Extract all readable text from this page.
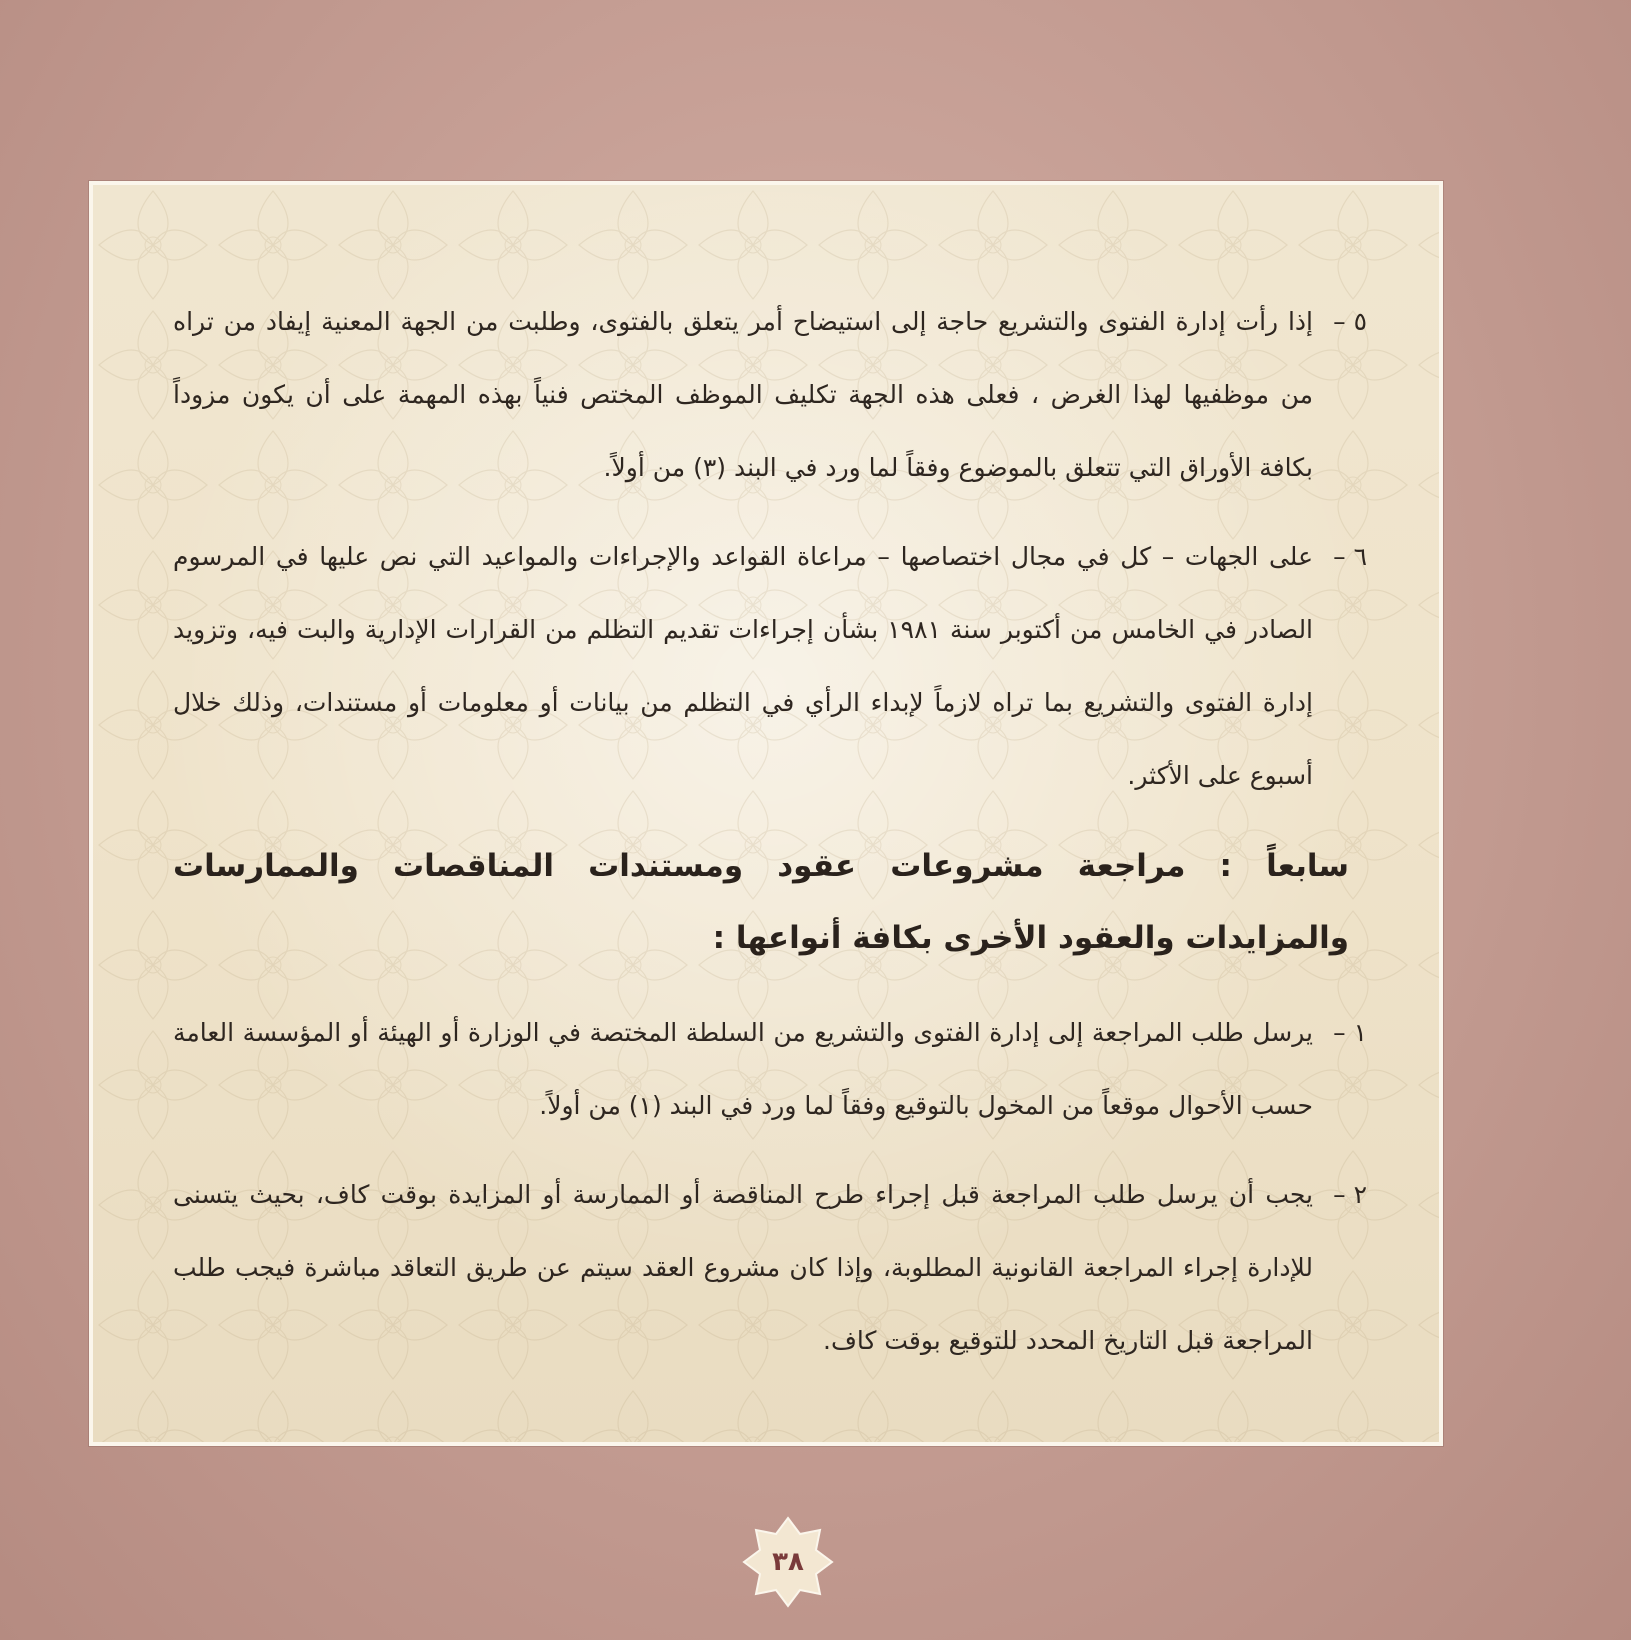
٥ –
إذا رأت إدارة الفتوى والتشريع حاجة إلى استيضاح أمر يتعلق بالفتوى، وطلبت من الجهة المعنية إيفاد من تراه من موظفيها لهذا الغرض ، فعلى هذه الجهة تكليف الموظف المختص فنياً بهذه المهمة على أن يكون مزوداً بكافة الأوراق التي تتعلق بالموضوع وفقاً لما ورد في البند (٣) من أولاً.
٦ –
على الجهات – كل في مجال اختصاصها – مراعاة القواعد والإجراءات والمواعيد التي نص عليها في المرسوم الصادر في الخامس من أكتوبر سنة ١٩٨١ بشأن إجراءات تقديم التظلم من القرارات الإدارية والبت فيه، وتزويد إدارة الفتوى والتشريع بما تراه لازماً لإبداء الرأي في التظلم من بيانات أو معلومات أو مستندات، وذلك خلال أسبوع على الأكثر.
سابعاً : مراجعة مشروعات عقود ومستندات المناقصات والممارسات والمزايدات والعقود الأخرى بكافة أنواعها :
١ –
يرسل طلب المراجعة إلى إدارة الفتوى والتشريع من السلطة المختصة في الوزارة أو الهيئة أو المؤسسة العامة حسب الأحوال موقعاً من المخول بالتوقيع وفقاً لما ورد في البند (١) من أولاً.
٢ –
يجب أن يرسل طلب المراجعة قبل إجراء طرح المناقصة أو الممارسة أو المزايدة بوقت كاف، بحيث يتسنى للإدارة إجراء المراجعة القانونية المطلوبة، وإذا كان مشروع العقد سيتم عن طريق التعاقد مباشرة فيجب طلب المراجعة قبل التاريخ المحدد للتوقيع بوقت كاف.
٣٨
